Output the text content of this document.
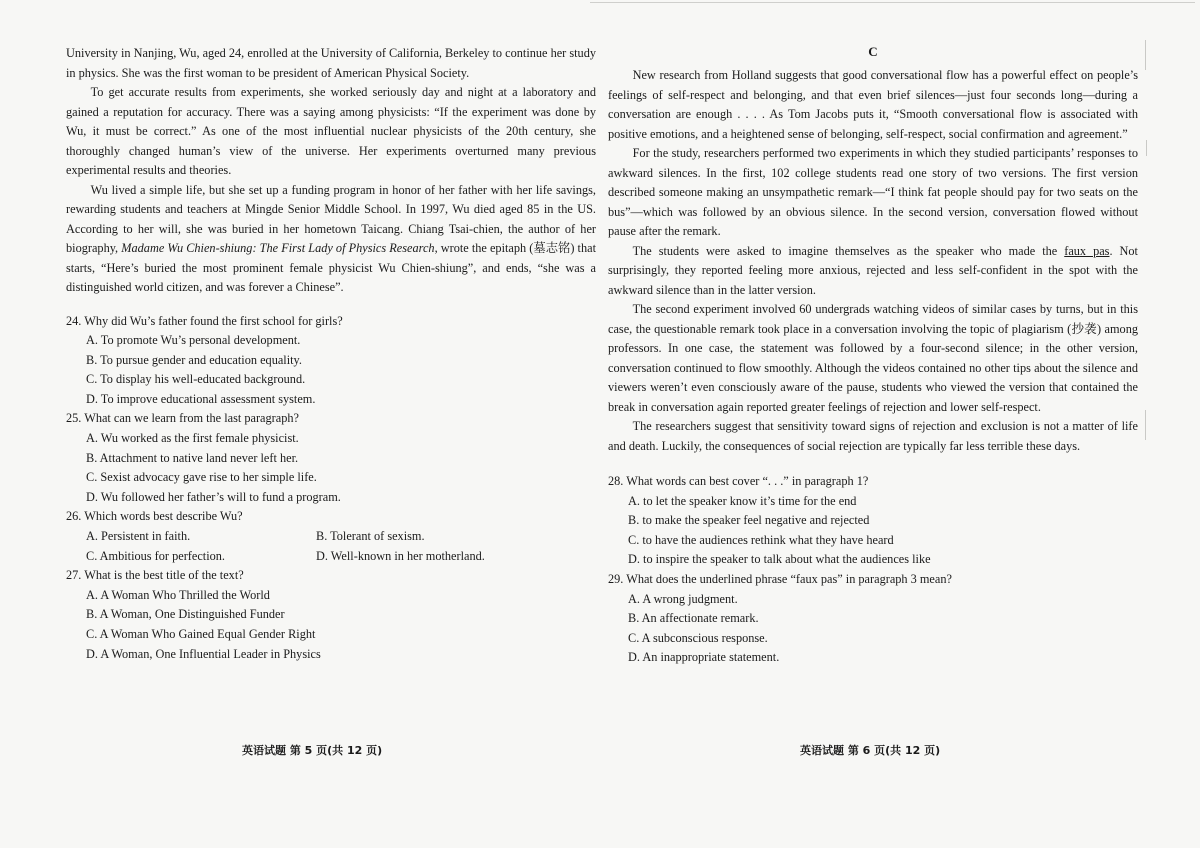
University in Nanjing, Wu, aged 24, enrolled at the University of California, Berkeley to continue her study in physics. She was the first woman to be president of American Physical Society.

To get accurate results from experiments, she worked seriously day and night at a laboratory and gained a reputation for accuracy. There was a saying among physicists: “If the experiment was done by Wu, it must be correct.” As one of the most influential nuclear physicists of the 20th century, she thoroughly changed human’s view of the universe. Her experiments overturned many previous experimental results and theories.

Wu lived a simple life, but she set up a funding program in honor of her father with her life savings, rewarding students and teachers at Mingde Senior Middle School. In 1997, Wu died aged 85 in the US. According to her will, she was buried in her hometown Taicang. Chiang Tsai-chien, the author of her biography, Madame Wu Chien-shiung: The First Lady of Physics Research, wrote the epitaph (墓志铭) that starts, “Here’s buried the most prominent female physicist Wu Chien-shiung”, and ends, “she was a distinguished world citizen, and was forever a Chinese”.

24. Why did Wu’s father found the first school for girls?

A. To promote Wu’s personal development.

B. To pursue gender and education equality.

C. To display his well-educated background.

D. To improve educational assessment system.

25. What can we learn from the last paragraph?

A. Wu worked as the first female physicist.

B. Attachment to native land never left her.

C. Sexist advocacy gave rise to her simple life.

D. Wu followed her father’s will to fund a program.

26. Which words best describe Wu?

A. Persistent in faith.	B. Tolerant of sexism.
C. Ambitious for perfection.	D. Well-known in her motherland.

27. What is the best title of the text?

A. A Woman Who Thrilled the World

B. A Woman, One Distinguished Funder

C. A Woman Who Gained Equal Gender Right

D. A Woman, One Influential Leader in Physics

英语试题 第 5 页(共 12 页)

C

New research from Holland suggests that good conversational flow has a powerful effect on people’s feelings of self-respect and belonging, and that even brief silences—just four seconds long—during a conversation are enough . . . . As Tom Jacobs puts it, “Smooth conversational flow is associated with positive emotions, and a heightened sense of belonging, self-respect, social confirmation and agreement.”

For the study, researchers performed two experiments in which they studied participants’ responses to awkward silences. In the first, 102 college students read one story of two versions. The first version described someone making an unsympathetic remark—“I think fat people should pay for two seats on the bus”—which was followed by an obvious silence. In the second version, conversation flowed without pause after the remark.

The students were asked to imagine themselves as the speaker who made the faux pas. Not surprisingly, they reported feeling more anxious, rejected and less self-confident in the spot with the awkward silence than in the latter version.

The second experiment involved 60 undergrads watching videos of similar cases by turns, but in this case, the questionable remark took place in a conversation involving the topic of plagiarism (抄袭) among professors. In one case, the statement was followed by a four-second silence; in the other version, conversation continued to flow smoothly. Although the videos contained no other tips about the silence and viewers weren’t even consciously aware of the pause, students who viewed the version that contained the break in conversation again reported greater feelings of rejection and lower self-respect.

The researchers suggest that sensitivity toward signs of rejection and exclusion is not a matter of life and death. Luckily, the consequences of social rejection are typically far less terrible these days.

28. What words can best cover “. . .” in paragraph 1?

A. to let the speaker know it’s time for the end

B. to make the speaker feel negative and rejected

C. to have the audiences rethink what they have heard

D. to inspire the speaker to talk about what the audiences like

29. What does the underlined phrase “faux pas” in paragraph 3 mean?

A. A wrong judgment.

B. An affectionate remark.

C. A subconscious response.

D. An inappropriate statement.

英语试题 第 6 页(共 12 页)
